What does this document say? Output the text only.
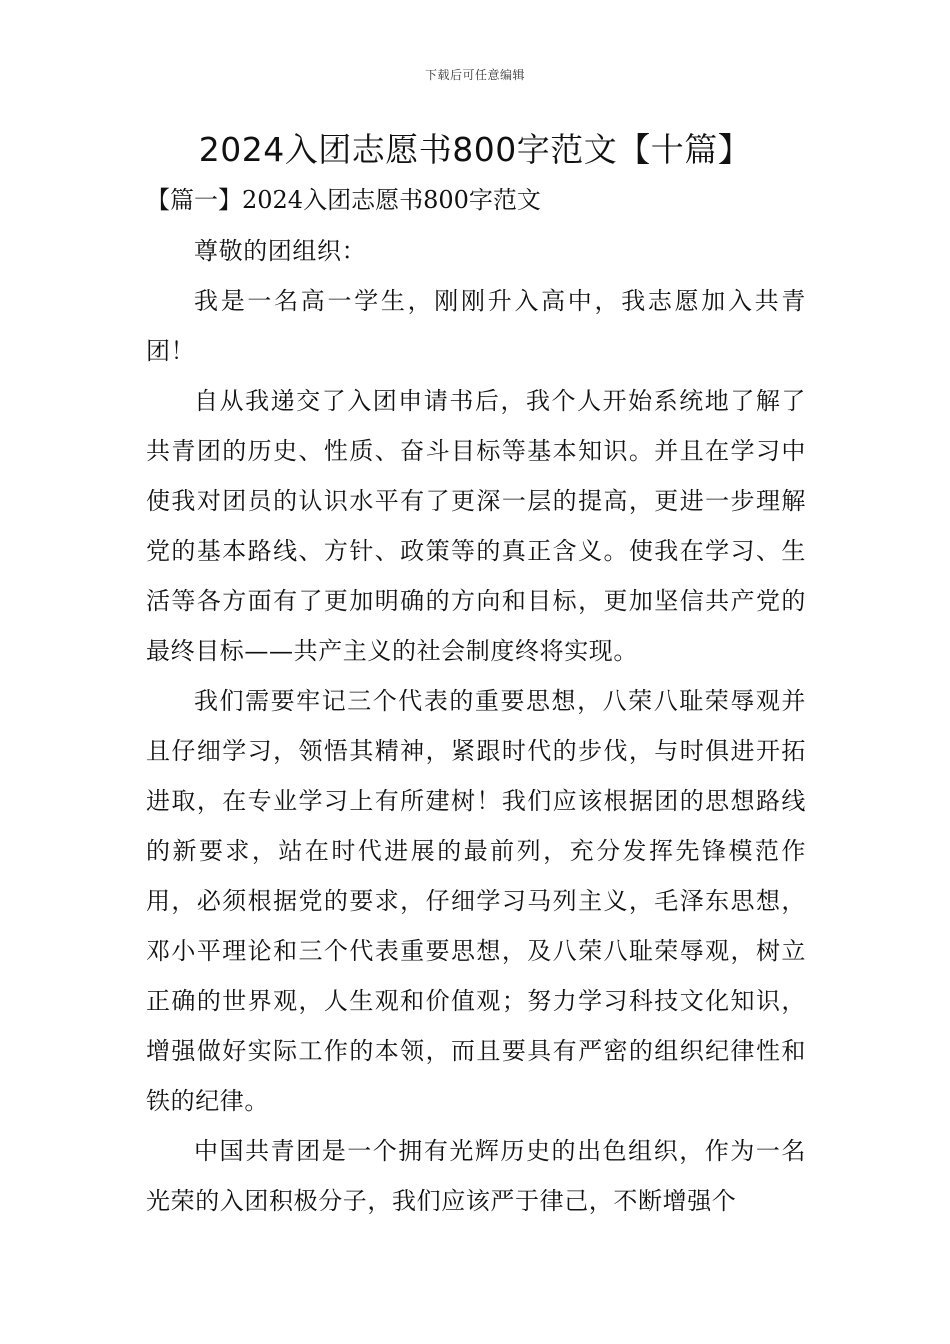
下载后可任意编辑
2024入团志愿书800字范文【十篇】
【篇一】2024入团志愿书800字范文

尊敬的团组织：

我是一名高一学生，刚刚升入高中，我志愿加入共青团！

自从我递交了入团申请书后，我个人开始系统地了解了共青团的历史、性质、奋斗目标等基本知识。并且在学习中使我对团员的认识水平有了更深一层的提高，更进一步理解党的基本路线、方针、政策等的真正含义。使我在学习、生活等各方面有了更加明确的方向和目标，更加坚信共产党的最终目标——共产主义的社会制度终将实现。

我们需要牢记三个代表的重要思想，八荣八耻荣辱观并且仔细学习，领悟其精神，紧跟时代的步伐，与时俱进开拓进取，在专业学习上有所建树！我们应该根据团的思想路线的新要求，站在时代进展的最前列，充分发挥先锋模范作用，必须根据党的要求，仔细学习马列主义，毛泽东思想，邓小平理论和三个代表重要思想，及八荣八耻荣辱观，树立正确的世界观，人生观和价值观；努力学习科技文化知识，增强做好实际工作的本领，而且要具有严密的组织纪律性和铁的纪律。

中国共青团是一个拥有光辉历史的出色组织，作为一名光荣的入团积极分子，我们应该严于律己，不断增强个
